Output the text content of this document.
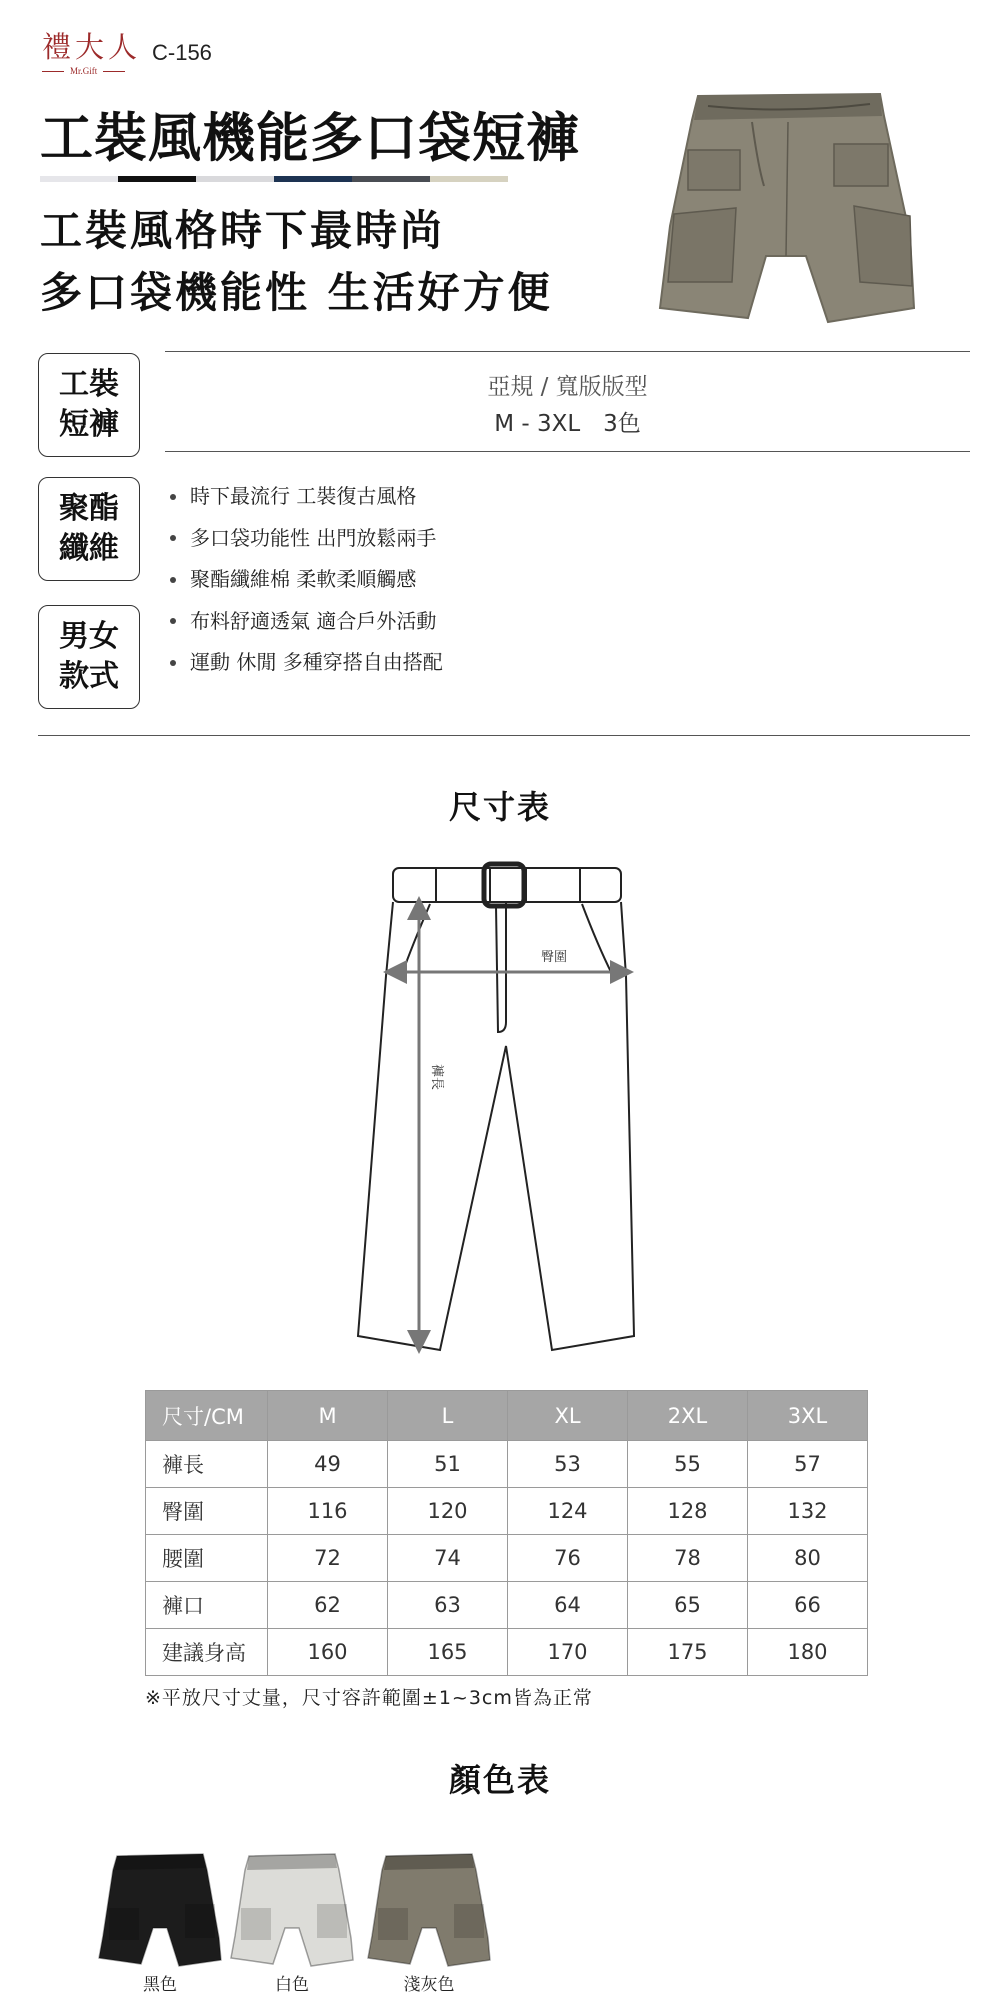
禮大人
Mr.Gift
C-156
工裝風機能多口袋短褲
工裝風格時下最時尚
多口袋機能性 生活好方便
工裝
短褲
聚酯
纖維
男女
款式
亞規 / 寬版版型
M - 3XL　3色
時下最流行 工裝復古風格
多口袋功能性 出門放鬆兩手
聚酯纖維棉 柔軟柔順觸感
布料舒適透氣 適合戶外活動
運動 休閒 多種穿搭自由搭配
尺寸表
臀圍
褲長
尺寸/CM	M	L	XL	2XL	3XL
褲長	49	51	53	55	57
臀圍	116	120	124	128	132
腰圍	72	74	76	78	80
褲口	62	63	64	65	66
建議身高	160	165	170	175	180
※平放尺寸丈量，尺寸容許範圍±1~3cm皆為正常
顏色表
黑色	白色	淺灰色
